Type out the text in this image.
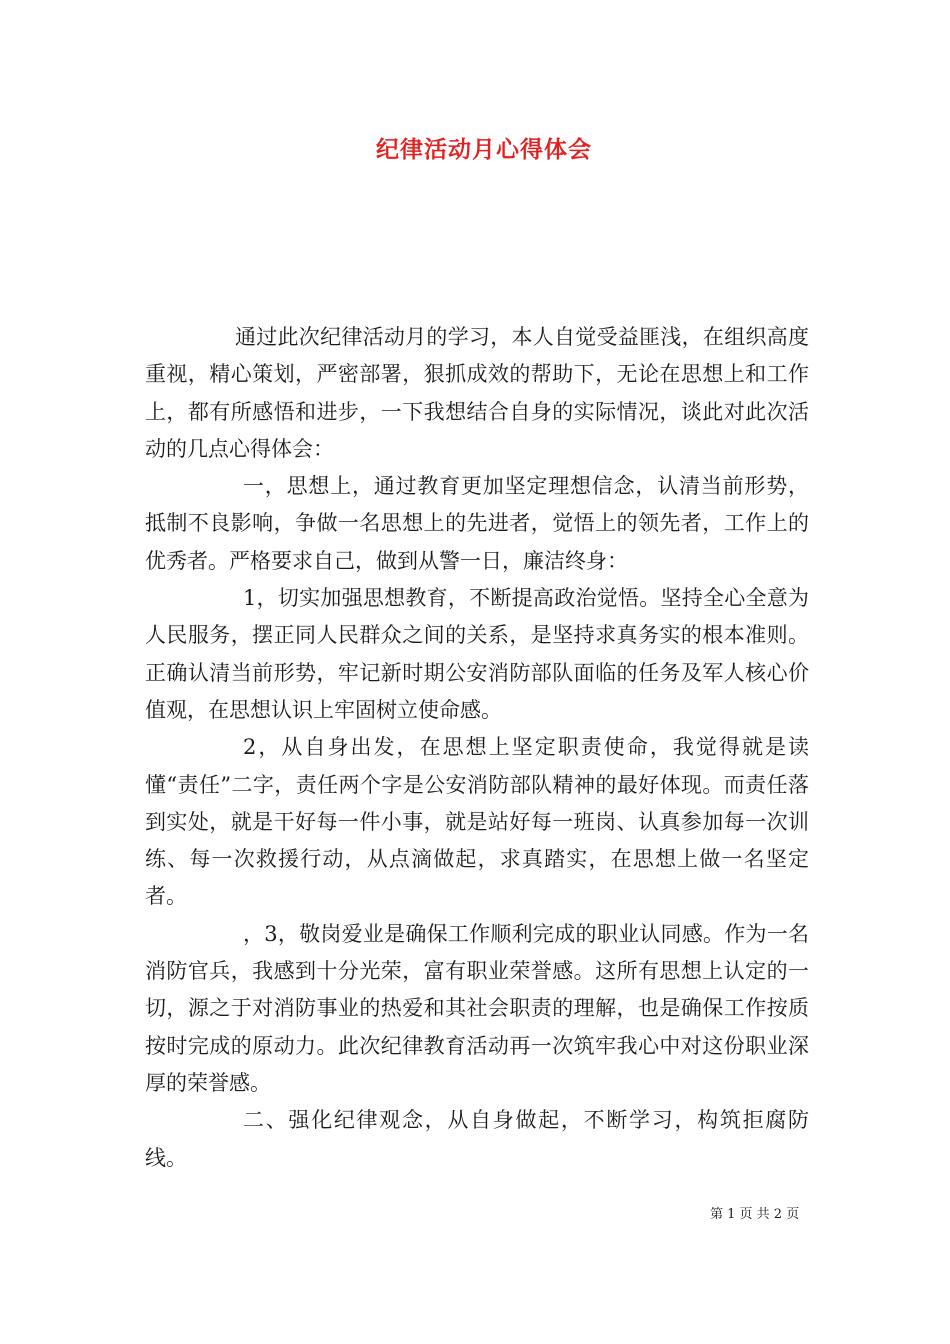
纪律活动月心得体会

通过此次纪律活动月的学习，本人自觉受益匪浅，在组织高度重视，精心策划，严密部署，狠抓成效的帮助下，无论在思想上和工作上，都有所感悟和进步，一下我想结合自身的实际情况，谈此对此次活动的几点心得体会：

一，思想上，通过教育更加坚定理想信念，认清当前形势，抵制不良影响，争做一名思想上的先进者，觉悟上的领先者，工作上的优秀者。严格要求自己，做到从警一日，廉洁终身：

1，切实加强思想教育，不断提高政治觉悟。坚持全心全意为人民服务，摆正同人民群众之间的关系，是坚持求真务实的根本准则。正确认清当前形势，牢记新时期公安消防部队面临的任务及军人核心价值观，在思想认识上牢固树立使命感。

2，从自身出发，在思想上坚定职责使命，我觉得就是读懂“责任”二字，责任两个字是公安消防部队精神的最好体现。而责任落到实处，就是干好每一件小事，就是站好每一班岗、认真参加每一次训练、每一次救援行动，从点滴做起，求真踏实，在思想上做一名坚定者。

，3，敬岗爱业是确保工作顺利完成的职业认同感。作为一名消防官兵，我感到十分光荣，富有职业荣誉感。这所有思想上认定的一切，源之于对消防事业的热爱和其社会职责的理解，也是确保工作按质按时完成的原动力。此次纪律教育活动再一次筑牢我心中对这份职业深厚的荣誉感。

二、强化纪律观念，从自身做起，不断学习，构筑拒腐防线。

第 1 页 共 2 页
